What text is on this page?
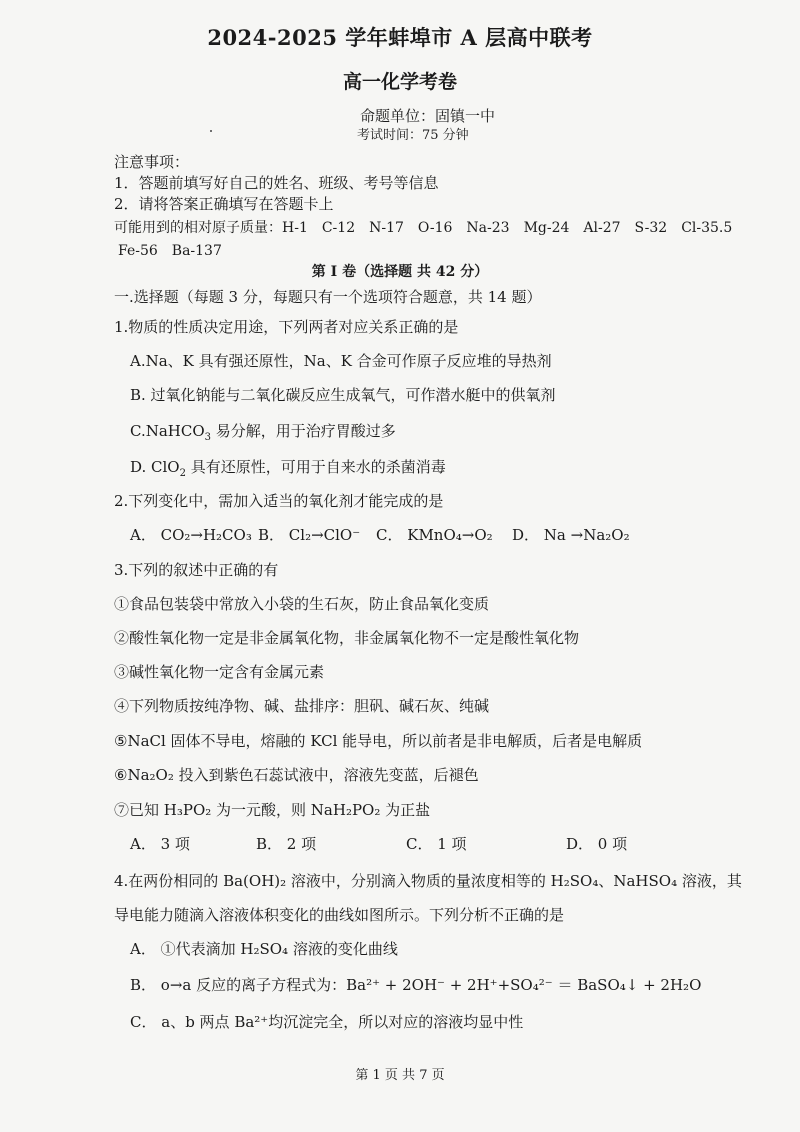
2024-2025 学年蚌埠市 A 层高中联考
高一化学考卷
命题单位：固镇一中
考试时间：75 分钟
注意事项：
1．答题前填写好自己的姓名、班级、考号等信息
2．请将答案正确填写在答题卡上
可能用到的相对原子质量：H-1　C-12　N-17　O-16　Na-23　Mg-24　Al-27　S-32　Cl-35.5
Fe-56　Ba-137
第 I 卷（选择题 共 42 分）
一.选择题（每题 3 分，每题只有一个选项符合题意，共 14 题）
1.物质的性质决定用途，下列两者对应关系正确的是
A.Na、K 具有强还原性，Na、K 合金可作原子反应堆的导热剂
B. 过氧化钠能与二氧化碳反应生成氧气，可作潜水艇中的供氧剂
C.NaHCO$_3$ 易分解，用于治疗胃酸过多
D. ClO$_2$ 具有还原性，可用于自来水的杀菌消毒
2.下列变化中，需加入适当的氧化剂才能完成的是
A． CO₂→H₂CO₃ B． Cl₂→ClO⁻	C． KMnO₄→O₂	D． Na →Na₂O₂
3.下列的叙述中正确的有
①食品包装袋中常放入小袋的生石灰，防止食品氧化变质
②酸性氧化物一定是非金属氧化物，非金属氧化物不一定是酸性氧化物
③碱性氧化物一定含有金属元素
④下列物质按纯净物、碱、盐排序：胆矾、碱石灰、纯碱
⑤NaCl 固体不导电，熔融的 KCl 能导电，所以前者是非电解质，后者是电解质
⑥Na₂O₂ 投入到紫色石蕊试液中，溶液先变蓝，后褪色
⑦已知 H₃PO₂ 为一元酸，则 NaH₂PO₂ 为正盐
A． 3 项	B． 2 项	C． 1 项	D． 0 项
4.在两份相同的 Ba(OH)₂ 溶液中，分别滴入物质的量浓度相等的 H₂SO₄、NaHSO₄ 溶液，其
导电能力随滴入溶液体积变化的曲线如图所示。下列分析不正确的是
A． ①代表滴加 H₂SO₄ 溶液的变化曲线
B． o→a 反应的离子方程式为：Ba²⁺ + 2OH⁻ + 2H⁺+SO₄²⁻ ＝ BaSO₄↓ + 2H₂O
C． a、b 两点 Ba²⁺均沉淀完全，所以对应的溶液均显中性
第 1 页 共 7 页
